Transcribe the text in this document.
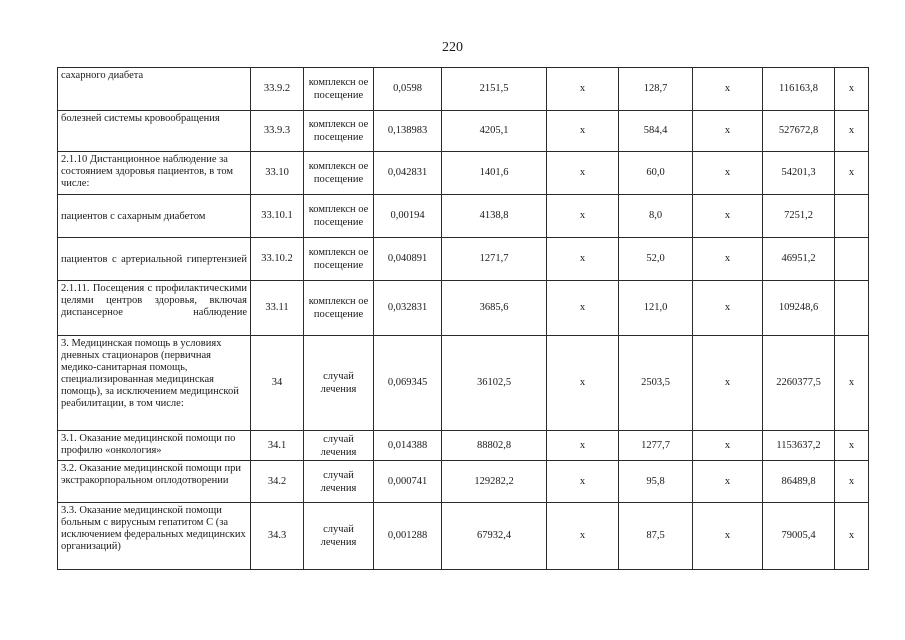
220
сахарного диабета	33.9.2	комплексн ое посещение	0,0598	2151,5	х	128,7	х	116163,8	х
болезней системы кровообращения	33.9.3	комплексн ое посещение	0,138983	4205,1	х	584,4	х	527672,8	х
2.1.10 Дистанционное наблюдение за состоянием здоровья пациентов, в том числе:	33.10	комплексн ое посещение	0,042831	1401,6	х	60,0	х	54201,3	х
пациентов с сахарным диабетом	33.10.1	комплексн ое посещение	0,00194	4138,8	х	8,0	х	7251,2	
пациентов с артериальной гипертензией	33.10.2	комплексн ое посещение	0,040891	1271,7	х	52,0	х	46951,2	
2.1.11. Посещения с профилактическими целями центров здоровья, включая диспансерное наблюдение	33.11	комплексн ое посещение	0,032831	3685,6	х	121,0	х	109248,6	
3. Медицинская помощь в условиях дневных стационаров (первичная медико-санитарная помощь, специализированная медицинская помощь), за исключением медицинской реабилитации, в том числе:	34	случай лечения	0,069345	36102,5	х	2503,5	х	2260377,5	х
3.1. Оказание медицинской помощи по профилю «онкология»	34.1	случай лечения	0,014388	88802,8	х	1277,7	х	1153637,2	х
3.2. Оказание медицинской помощи при экстракорпоральном оплодотворении	34.2	случай лечения	0,000741	129282,2	х	95,8	х	86489,8	х
3.3. Оказание медицинской помощи больным с вирусным гепатитом С (за исключением федеральных медицинских организаций)	34.3	случай лечения	0,001288	67932,4	х	87,5	х	79005,4	х
